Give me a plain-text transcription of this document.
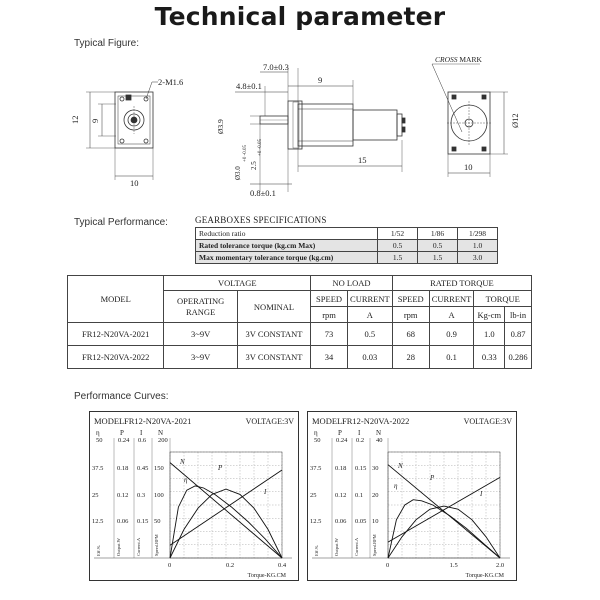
Technical parameter
Typical Figure:
2-M1.6
12 9
10
7.0±0.3
9
4.8±0.1
Ø3.9
Ø3.0
+0 -0.05
2.5
+0 -0.05
0.8±0.1
15
CROSS MARK
Ø12
10
Typical Performance:	GEARBOXES SPECIFICATIONS
Reduction ratio	1/52	1/86	1/298
Rated tolerance torque (kg.cm Max)	0.5	0.5	1.0
Max momentary tolerance torque (kg.cm)	1.5	1.5	3.0
MODEL	VOLTAGE		NO LOAD		RATED TORQUE			
	OPERATING RANGE	NOMINAL	SPEED	CURRENT	SPEED	CURRENT	TORQUE	
			rpm	A	rpm	A	Kg-cm	lb-in
FR12-N20VA-2021	3~9V	3V CONSTANT	73	0.5	68	0.9	1.0	0.87
FR12-N20VA-2022	3~9V	3V CONSTANT	34	0.03	28	0.1	0.33	0.286
Performance Curves:
MODEL:
FR12-N20VA-2021	VOLTAGE:3V
η	P I N
50 0.24 0.6 200
37.5 0.18 0.45 150
25	0.12 0.3 100
12.5 0.06 0.15 50
Eff.%	Output.W	Current.A	Speed.RPM
0	0.2	0.4
Torque-KG.CM
N
η
P
I
MODEL:
FR12-N20VA-2022	VOLTAGE:3V
η	P I N
50 0.24 0.2 40
37.5 0.18 0.15 30
25	0.12 0.1 20
12.5 0.06 0.05 10
Eff.%	Output.W	Current.A	Speed.RPM
0	1.5	2.0
Torque-KG.CM
N
η
P
I
